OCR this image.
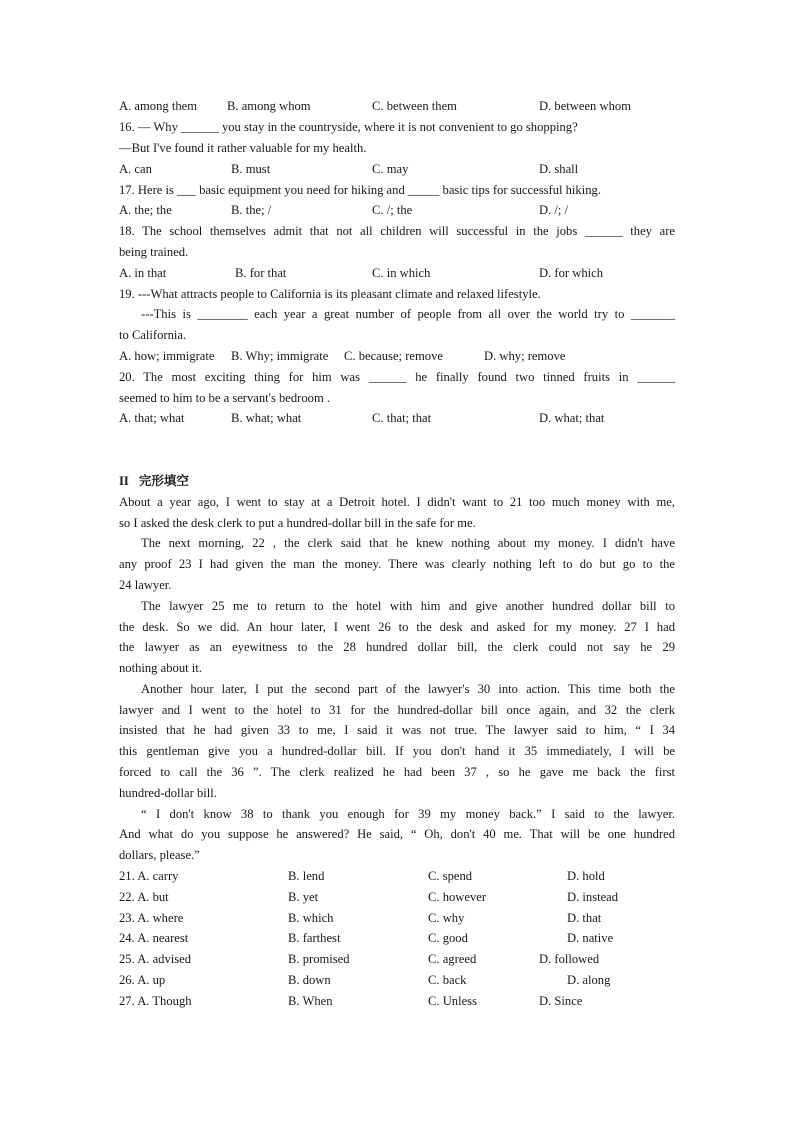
A. among them B. among whom	C. between them	D. between whom
16. — Why ______ you stay in the countryside, where it is not convenient to go shopping?
—But I've found it rather valuable for my health.
A. can	B. must	C. may	D. shall
17. Here is ___ basic equipment you need for hiking and _____ basic tips for successful hiking.
A. the; the	B. the; /	C. /; the	D. /; /
18. The school themselves admit that not all children will successful in the jobs ______ they are
being trained.
A. in that	B. for that	C. in which	D. for which
19. ---What attracts people to California is its pleasant climate and relaxed lifestyle.
---This is ________ each year a great number of people from all over the world try to _______
to California.
A. how; immigrate B. Why; immigrate C. because; remove	D. why; remove
20. The most exciting thing for him was ______ he finally found two tinned fruits in ______
seemed to him to be a servant's bedroom .
A. that; what	B. what; what	C. that; that	D. what; that
II 完形填空
About a year ago, I went to stay at a Detroit hotel. I didn't want to 21 too much money with me,
so I asked the desk clerk to put a hundred-dollar bill in the safe for me.
The next morning, 22 , the clerk said that he knew nothing about my money. I didn't have
any proof 23 I had given the man the money. There was clearly nothing left to do but go to the
24 lawyer.
The lawyer 25 me to return to the hotel with him and give another hundred dollar bill to
the desk. So we did. An hour later, I went 26 to the desk and asked for my money. 27 I had
the lawyer as an eyewitness to the 28 hundred dollar bill, the clerk could not say he 29
nothing about it.
Another hour later, I put the second part of the lawyer's 30 into action. This time both the
lawyer and I went to the hotel to 31 for the hundred-dollar bill once again, and 32 the clerk
insisted that he had given 33 to me, I said it was not true. The lawyer said to him, “ I 34
this gentleman give you a hundred-dollar bill. If you don't hand it 35 immediately, I will be
forced to call the 36 ”. The clerk realized he had been 37 , so he gave me back the first
hundred-dollar bill.
“ I don't know 38 to thank you enough for 39 my money back.” I said to the lawyer.
And what do you suppose he answered? He said, “ Oh, don't 40 me. That will be one hundred
dollars, please.”
21. A. carry	B. lend	C. spend	D. hold
22. A. but	B. yet	C. however	D. instead
23. A. where	B. which	C. why	D. that
24. A. nearest	B. farthest	C. good	D. native
25. A. advised	B. promised	C. agreed	D. followed
26. A. up	B. down	C. back	D. along
27. A. Though	B. When	C. Unless	D. Since
